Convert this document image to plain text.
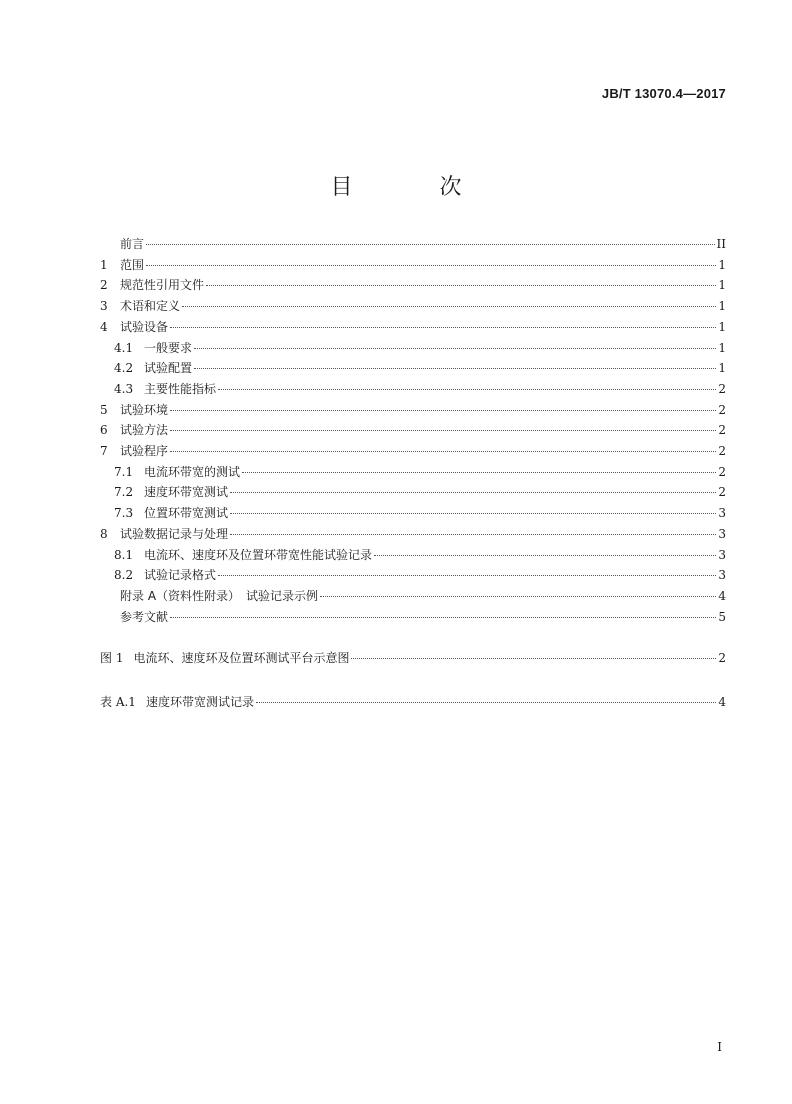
JB/T 13070.4—2017
目 次
前言	II
1	范围	1
2	规范性引用文件	1
3	术语和定义	1
4	试验设备	1
4.1 一般要求	1
4.2 试验配置	1
4.3 主要性能指标	2
5	试验环境	2
6	试验方法	2
7	试验程序	2
7.1 电流环带宽的测试	2
7.2 速度环带宽测试	2
7.3 位置环带宽测试	3
8	试验数据记录与处理	3
8.1 电流环、速度环及位置环带宽性能试验记录	3
8.2 试验记录格式	3
附录 A（资料性附录）　试验记录示例	4
参考文献	5
图 1 电流环、速度环及位置环测试平台示意图	2
表 A.1 速度环带宽测试记录	4
I
